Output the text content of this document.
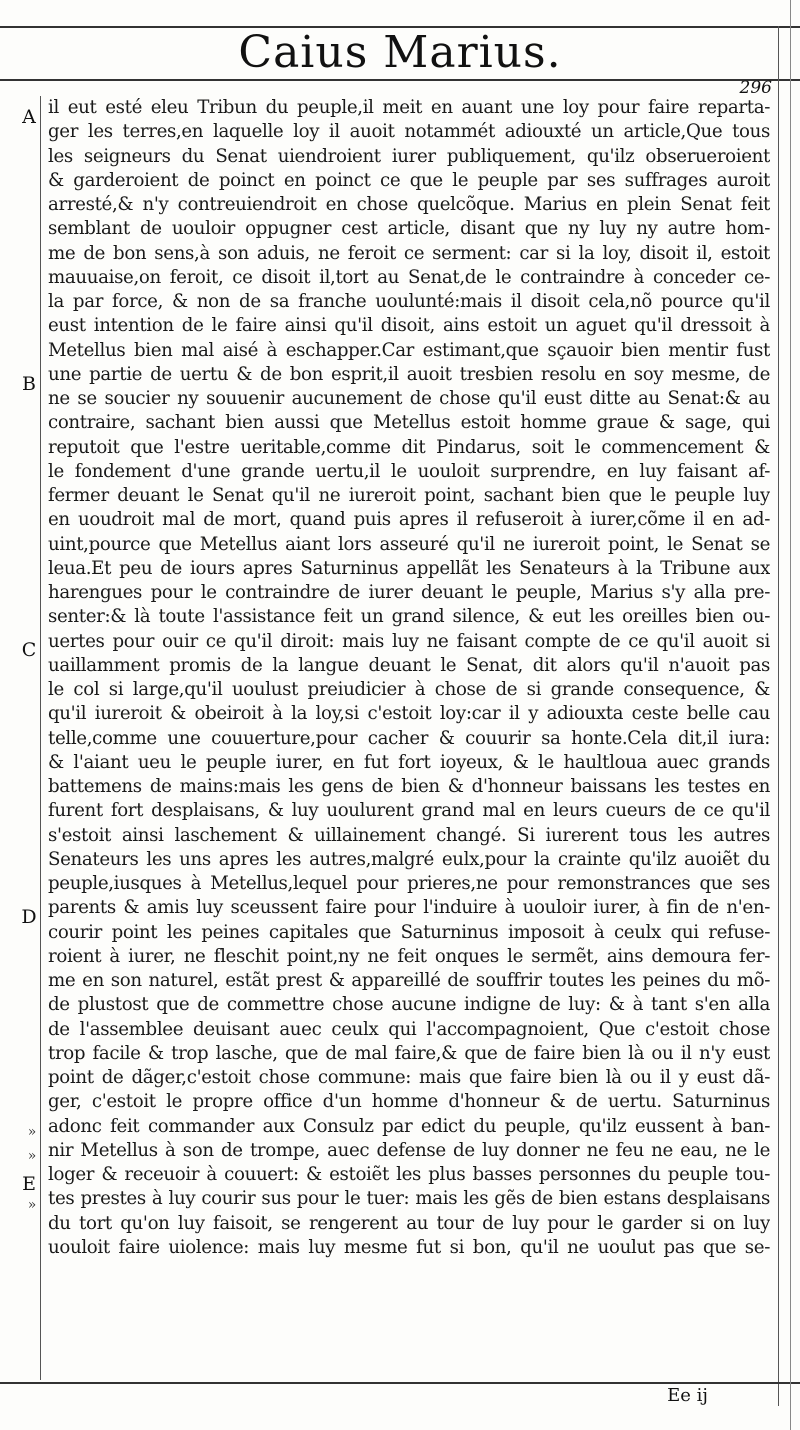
Caius Marius.
296
il eut esté eleu Tribun du peuple,il meit en auant une loy pour faire reparta-
ger les terres,en laquelle loy il auoit notammét adiouxté un article,Que tous
les seigneurs du Senat uiendroient iurer publiquement, qu'ilz obserueroient
& garderoient de poinct en poinct ce que le peuple par ses suffrages auroit
arresté,& n'y contreuiendroit en chose quelcõque. Marius en plein Senat feit
semblant de uouloir oppugner cest article, disant que ny luy ny autre hom-
me de bon sens,à son aduis, ne feroit ce serment: car si la loy, disoit il, estoit
mauuaise,on feroit, ce disoit il,tort au Senat,de le contraindre à conceder ce-
la par force, & non de sa franche uoulunté:mais il disoit cela,nõ pource qu'il
eust intention de le faire ainsi qu'il disoit, ains estoit un aguet qu'il dressoit à
Metellus bien mal aisé à eschapper.Car estimant,que sçauoir bien mentir fust
une partie de uertu & de bon esprit,il auoit tresbien resolu en soy mesme, de
ne se soucier ny souuenir aucunement de chose qu'il eust ditte au Senat:& au
contraire, sachant bien aussi que Metellus estoit homme graue & sage, qui
reputoit que l'estre ueritable,comme dit Pindarus, soit le commencement &
le fondement d'une grande uertu,il le uouloit surprendre, en luy faisant af-
fermer deuant le Senat qu'il ne iureroit point, sachant bien que le peuple luy
en uoudroit mal de mort, quand puis apres il refuseroit à iurer,cõme il en ad-
uint,pource que Metellus aiant lors asseuré qu'il ne iureroit point, le Senat se
leua.Et peu de iours apres Saturninus appellãt les Senateurs à la Tribune aux
harengues pour le contraindre de iurer deuant le peuple, Marius s'y alla pre-
senter:& là toute l'assistance feit un grand silence, & eut les oreilles bien ou-
uertes pour ouir ce qu'il diroit: mais luy ne faisant compte de ce qu'il auoit si
uaillamment promis de la langue deuant le Senat, dit alors qu'il n'auoit pas
le col si large,qu'il uoulust preiudicier à chose de si grande consequence, &
qu'il iureroit & obeiroit à la loy,si c'estoit loy:car il y adiouxta ceste belle cau
telle,comme une couuerture,pour cacher & couurir sa honte.Cela dit,il iura:
& l'aiant ueu le peuple iurer, en fut fort ioyeux, & le haultloua auec grands
battemens de mains:mais les gens de bien & d'honneur baissans les testes en
furent fort desplaisans, & luy uoulurent grand mal en leurs cueurs de ce qu'il
s'estoit ainsi laschement & uillainement changé. Si iurerent tous les autres
Senateurs les uns apres les autres,malgré eulx,pour la crainte qu'ilz auoiẽt du
peuple,iusques à Metellus,lequel pour prieres,ne pour remonstrances que ses
parents & amis luy sceussent faire pour l'induire à uouloir iurer, à fin de n'en-
courir point les peines capitales que Saturninus imposoit à ceulx qui refuse-
roient à iurer, ne fleschit point,ny ne feit onques le sermẽt, ains demoura fer-
me en son naturel, estãt prest & appareillé de souffrir toutes les peines du mõ-
de plustost que de commettre chose aucune indigne de luy: & à tant s'en alla
de l'assemblee deuisant auec ceulx qui l'accompagnoient, Que c'estoit chose
trop facile & trop lasche, que de mal faire,& que de faire bien là ou il n'y eust
point de dãger,c'estoit chose commune: mais que faire bien là ou il y eust dã-
ger, c'estoit le propre office d'un homme d'honneur & de uertu. Saturninus
adonc feit commander aux Consulz par edict du peuple, qu'ilz eussent à ban-
nir Metellus à son de trompe, auec defense de luy donner ne feu ne eau, ne le
loger & receuoir à couuert: & estoiẽt les plus basses personnes du peuple tou-
tes prestes à luy courir sus pour le tuer: mais les gẽs de bien estans desplaisans
du tort qu'on luy faisoit, se rengerent au tour de luy pour le garder si on luy
uouloit faire uiolence: mais luy mesme fut si bon, qu'il ne uoulut pas que se-
A
B
C
D
E
»
»
»
Ee ij
